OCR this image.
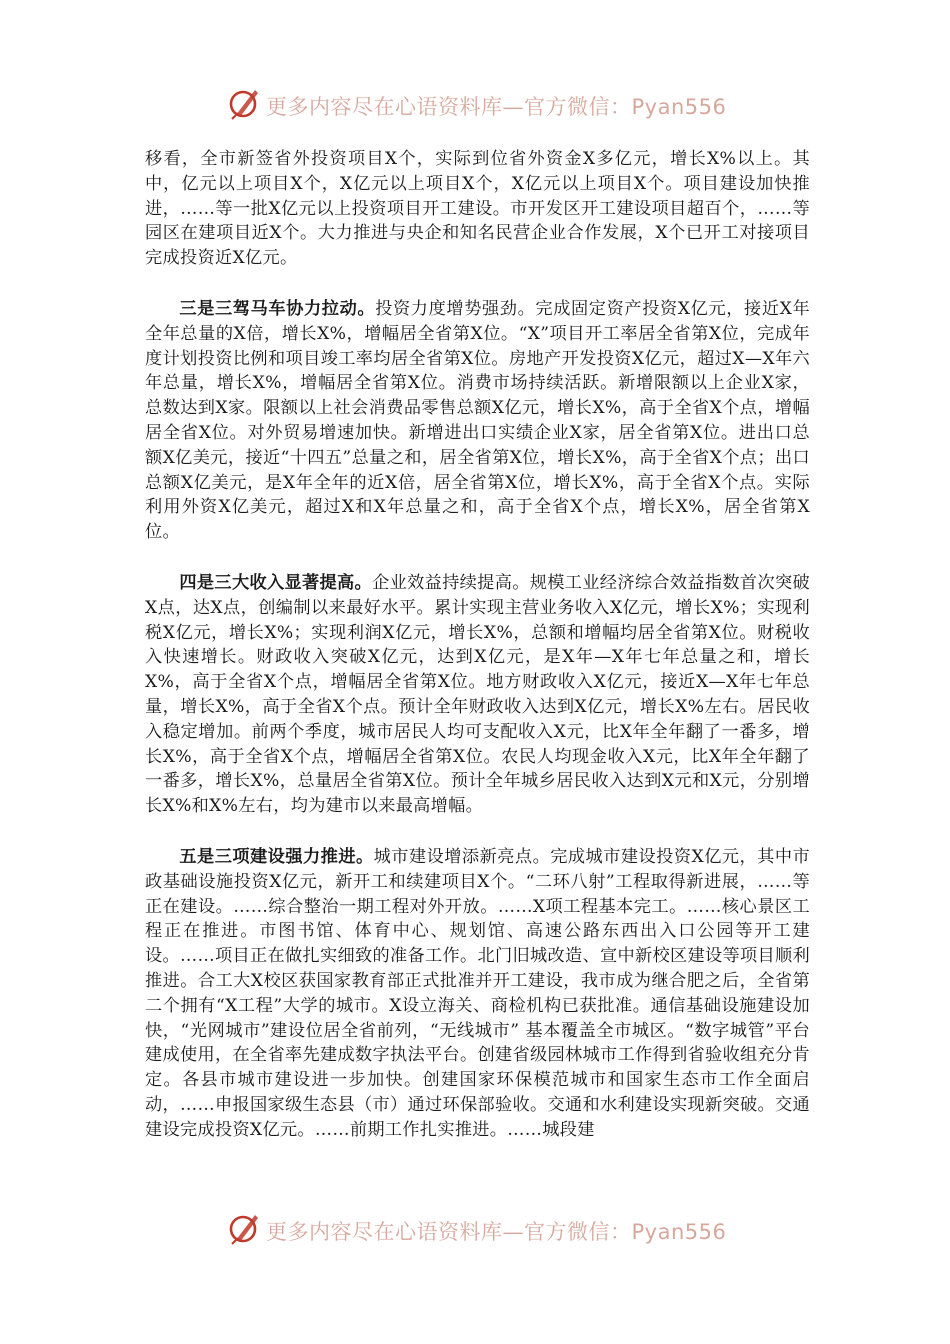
更多内容尽在心语资料库—官方微信：Pyan556

移看，全市新签省外投资项目X个，实际到位省外资金X多亿元，增长X%以上。其中，亿元以上项目X个，X亿元以上项目X个，X亿元以上项目X个。项目建设加快推进，……等一批X亿元以上投资项目开工建设。市开发区开工建设项目超百个，……等园区在建项目近X个。大力推进与央企和知名民营企业合作发展，X个已开工对接项目完成投资近X亿元。

三是三驾马车协力拉动。投资力度增势强劲。完成固定资产投资X亿元，接近X年全年总量的X倍，增长X%，增幅居全省第X位。“X”项目开工率居全省第X位，完成年度计划投资比例和项目竣工率均居全省第X位。房地产开发投资X亿元，超过X—X年六年总量，增长X%，增幅居全省第X位。消费市场持续活跃。新增限额以上企业X家，总数达到X家。限额以上社会消费品零售总额X亿元，增长X%，高于全省X个点，增幅居全省X位。对外贸易增速加快。新增进出口实绩企业X家，居全省第X位。进出口总额X亿美元，接近“十四五”总量之和，居全省第X位，增长X%，高于全省X个点；出口总额X亿美元，是X年全年的近X倍，居全省第X位，增长X%，高于全省X个点。实际利用外资X亿美元，超过X和X年总量之和，高于全省X个点，增长X%，居全省第X位。

四是三大收入显著提高。企业效益持续提高。规模工业经济综合效益指数首次突破X点，达X点，创编制以来最好水平。累计实现主营业务收入X亿元，增长X%；实现利税X亿元，增长X%；实现利润X亿元，增长X%，总额和增幅均居全省第X位。财税收入快速增长。财政收入突破X亿元，达到X亿元，是X年—X年七年总量之和，增长X%，高于全省X个点，增幅居全省第X位。地方财政收入X亿元，接近X—X年七年总量，增长X%，高于全省X个点。预计全年财政收入达到X亿元，增长X%左右。居民收入稳定增加。前两个季度，城市居民人均可支配收入X元，比X年全年翻了一番多，增长X%，高于全省X个点，增幅居全省第X位。农民人均现金收入X元，比X年全年翻了一番多，增长X%，总量居全省第X位。预计全年城乡居民收入达到X元和X元，分别增长X%和X%左右，均为建市以来最高增幅。

五是三项建设强力推进。城市建设增添新亮点。完成城市建设投资X亿元，其中市政基础设施投资X亿元，新开工和续建项目X个。“二环八射”工程取得新进展，……等正在建设。……综合整治一期工程对外开放。……X项工程基本完工。……核心景区工程正在推进。市图书馆、体育中心、规划馆、高速公路东西出入口公园等开工建设。……项目正在做扎实细致的准备工作。北门旧城改造、宣中新校区建设等项目顺利推进。合工大X校区获国家教育部正式批准并开工建设，我市成为继合肥之后，全省第二个拥有“X工程”大学的城市。X设立海关、商检机构已获批准。通信基础设施建设加快，“光网城市”建设位居全省前列，“无线城市” 基本覆盖全市城区。“数字城管”平台建成使用，在全省率先建成数字执法平台。创建省级园林城市工作得到省验收组充分肯定。各县市城市建设进一步加快。创建国家环保模范城市和国家生态市工作全面启动，……申报国家级生态县（市）通过环保部验收。交通和水利建设实现新突破。交通建设完成投资X亿元。……前期工作扎实推进。……城段建

更多内容尽在心语资料库—官方微信：Pyan556
